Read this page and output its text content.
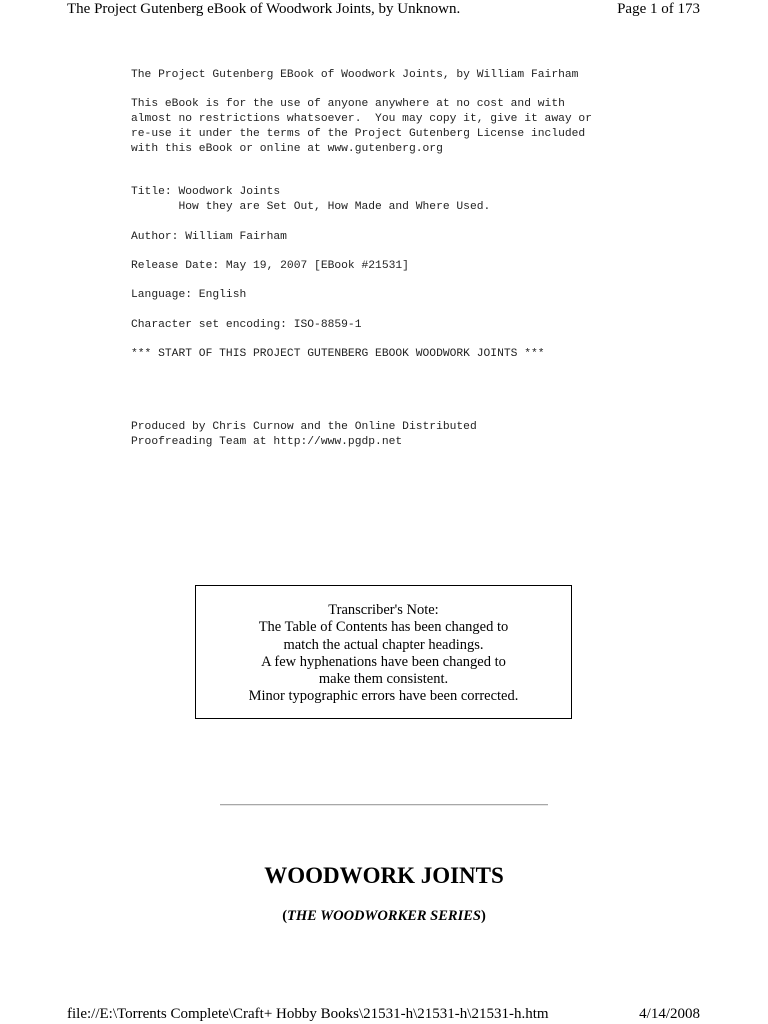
The Project Gutenberg eBook of Woodwork Joints, by Unknown.	Page 1 of 173
The Project Gutenberg EBook of Woodwork Joints, by William Fairham
This eBook is for the use of anyone anywhere at no cost and with
almost no restrictions whatsoever.  You may copy it, give it away or
re-use it under the terms of the Project Gutenberg License included
with this eBook or online at www.gutenberg.org
Title: Woodwork Joints
How they are Set Out, How Made and Where Used.
Author: William Fairham
Release Date: May 19, 2007 [EBook #21531]
Language: English
Character set encoding: ISO-8859-1
*** START OF THIS PROJECT GUTENBERG EBOOK WOODWORK JOINTS ***
Produced by Chris Curnow and the Online Distributed
Proofreading Team at http://www.pgdp.net
Transcriber's Note:
The Table of Contents has been changed to
match the actual chapter headings.
A few hyphenations have been changed to
make them consistent.
Minor typographic errors have been corrected.
WOODWORK JOINTS
(THE WOODWORKER SERIES)
file://E:\Torrents Complete\Craft+ Hobby Books\21531-h\21531-h\21531-h.htm	4/14/2008
